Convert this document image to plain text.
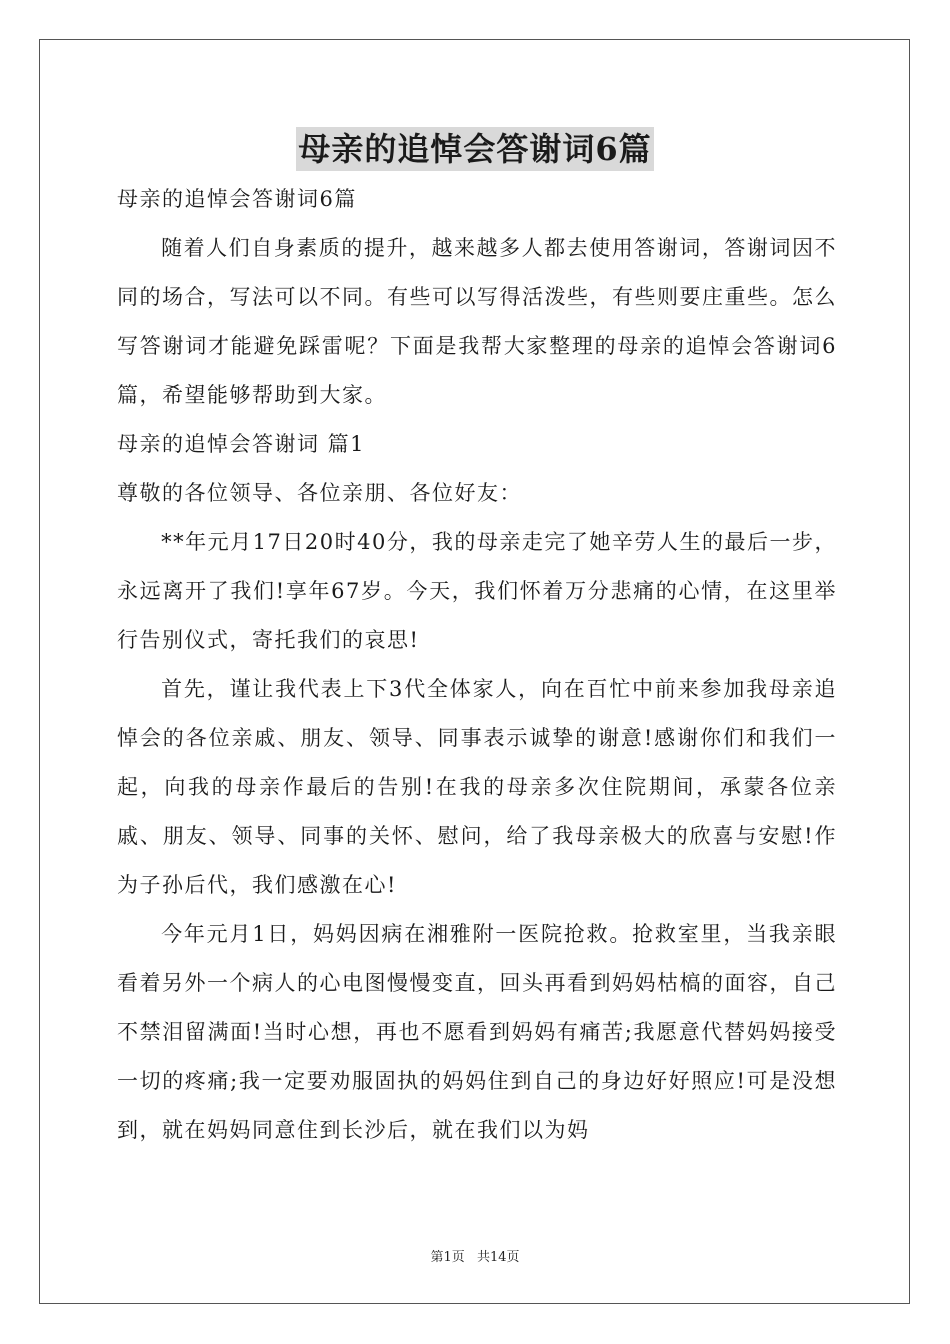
母亲的追悼会答谢词6篇

母亲的追悼会答谢词6篇

随着人们自身素质的提升，越来越多人都去使用答谢词，答谢词因不同的场合，写法可以不同。有些可以写得活泼些，有些则要庄重些。怎么写答谢词才能避免踩雷呢？下面是我帮大家整理的母亲的追悼会答谢词6篇，希望能够帮助到大家。

母亲的追悼会答谢词 篇1

尊敬的各位领导、各位亲朋、各位好友：

**年元月17日20时40分，我的母亲走完了她辛劳人生的最后一步，永远离开了我们!享年67岁。今天，我们怀着万分悲痛的心情，在这里举行告别仪式，寄托我们的哀思!

首先，谨让我代表上下3代全体家人，向在百忙中前来参加我母亲追悼会的各位亲戚、朋友、领导、同事表示诚挚的谢意!感谢你们和我们一起，向我的母亲作最后的告别!在我的母亲多次住院期间，承蒙各位亲戚、朋友、领导、同事的关怀、慰问，给了我母亲极大的欣喜与安慰!作为子孙后代，我们感激在心!

今年元月1日，妈妈因病在湘雅附一医院抢救。抢救室里，当我亲眼看着另外一个病人的心电图慢慢变直，回头再看到妈妈枯槁的面容，自己不禁泪留满面!当时心想，再也不愿看到妈妈有痛苦;我愿意代替妈妈接受一切的疼痛;我一定要劝服固执的妈妈住到自己的身边好好照应!可是没想到，就在妈妈同意住到长沙后，就在我们以为妈

第1页 共14页
